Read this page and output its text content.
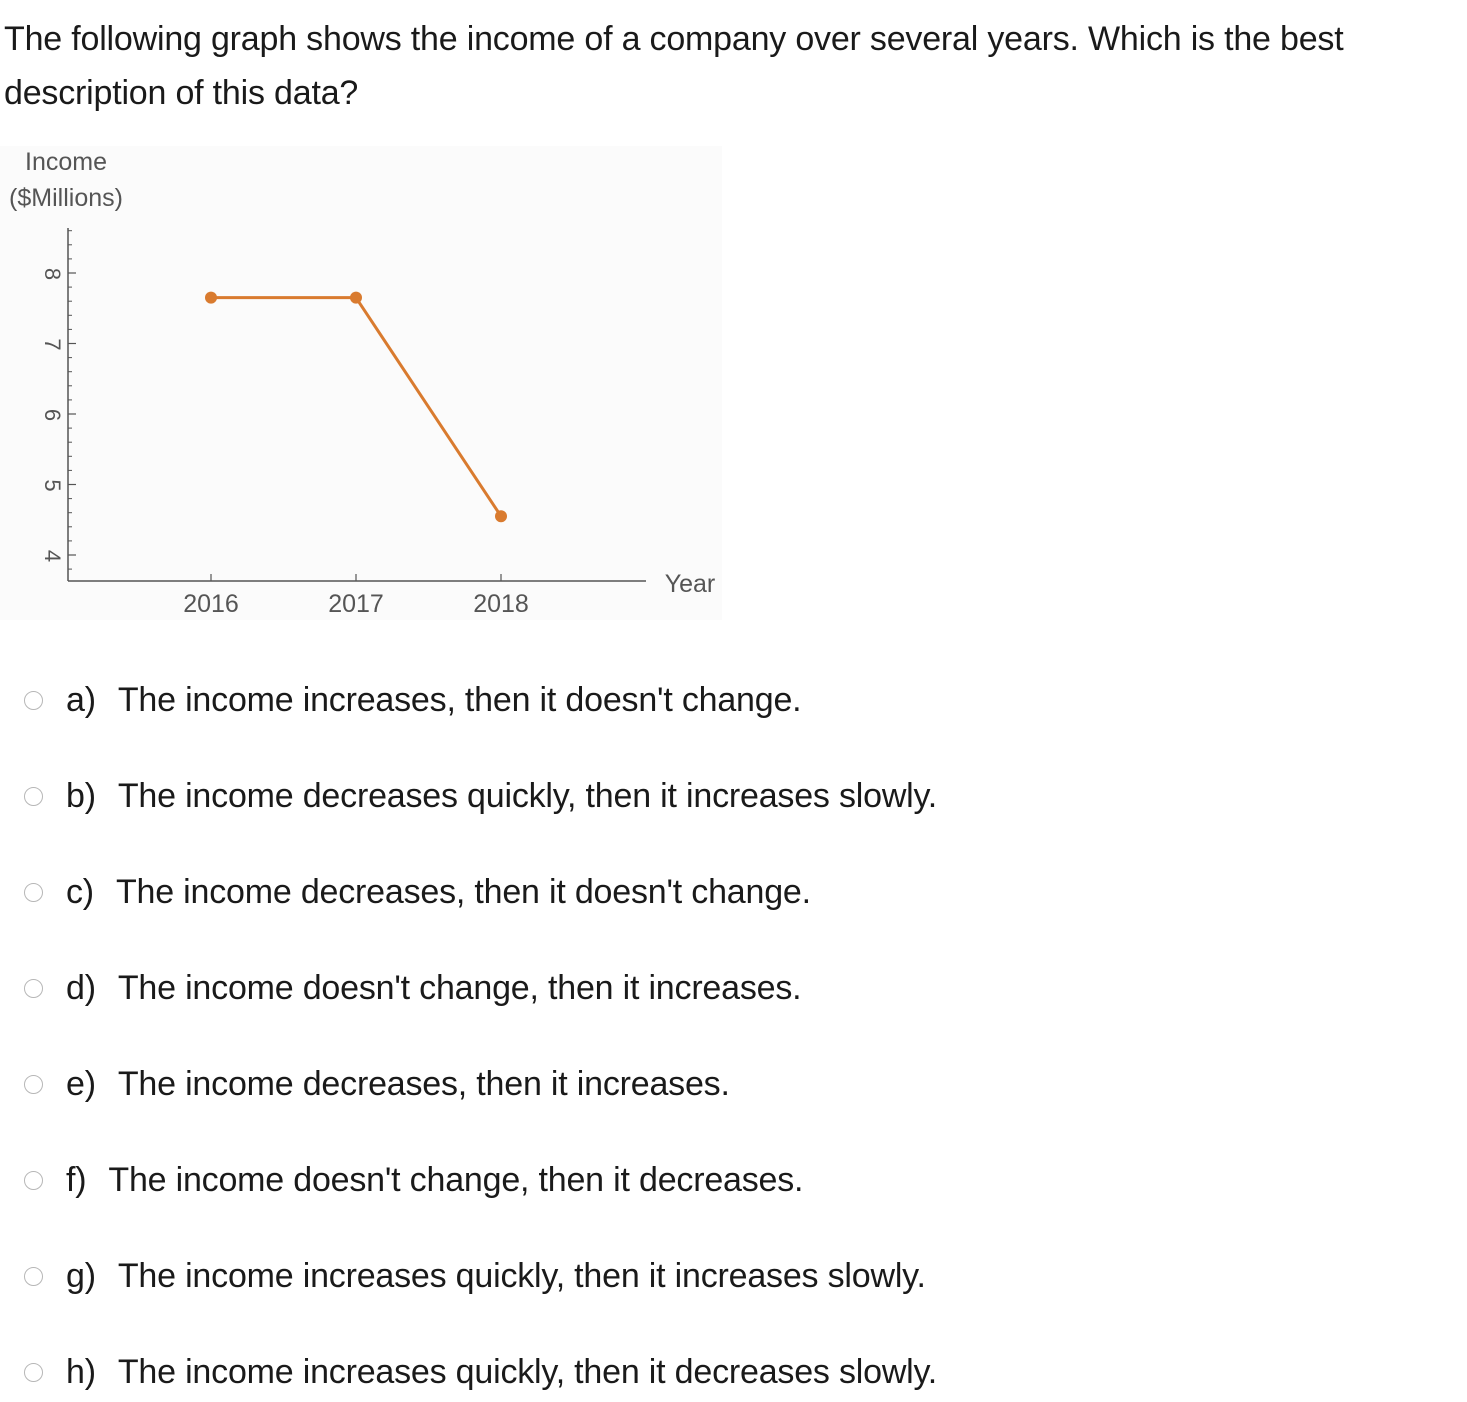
The following graph shows the income of a company over several years. Which is the best description of this data?
Income
($Millions)
Year
4
5
6
7
8
2016	2017	2018
a) The income increases, then it doesn't change.
b) The income decreases quickly, then it increases slowly.
c) The income decreases, then it doesn't change.
d) The income doesn't change, then it increases.
e) The income decreases, then it increases.
f) The income doesn't change, then it decreases.
g) The income increases quickly, then it increases slowly.
h) The income increases quickly, then it decreases slowly.
